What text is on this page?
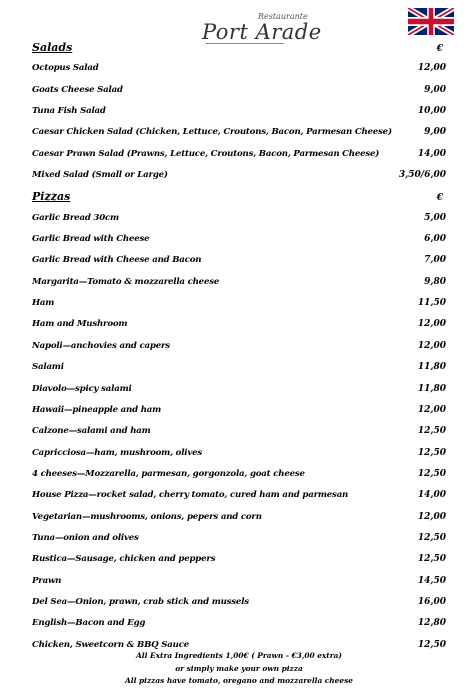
Restaurante
Port Arade
Salads	€
Octopus Salad	12,00
Goats Cheese Salad	9,00
Tuna Fish Salad	10,00
Caesar Chicken Salad (Chicken, Lettuce, Croutons, Bacon, Parmesan Cheese)	9,00
Caesar Prawn Salad (Prawns, Lettuce, Croutons, Bacon, Parmesan Cheese)	14,00
Mixed Salad (Small or Large)	3,50/6,00
Pizzas	€
Garlic Bread 30cm	5,00
Garlic Bread with Cheese	6,00
Garlic Bread with Cheese and Bacon	7,00
Margarita—Tomato & mozzarella cheese	9,80
Ham	11,50
Ham and Mushroom	12,00
Napoli—anchovies and capers	12,00
Salami	11,80
Diavolo—spicy salami	11,80
Hawaii—pineapple and ham	12,00
Calzone—salami and ham	12,50
Capricciosa—ham, mushroom, olives	12,50
4 cheeses—Mozzarella, parmesan, gorgonzola, goat cheese	12,50
House Pizza—rocket salad, cherry tomato, cured ham and parmesan	14,00
Vegetarian—mushrooms, onions, pepers and corn	12,00
Tuna—onion and olives	12,50
Rustica—Sausage, chicken and peppers	12,50
Prawn	14,50
Del Sea—Onion, prawn, crab stick and mussels	16,00
English—Bacon and Egg	12,80
Chicken, Sweetcorn & BBQ Sauce	12,50
All Extra Ingredients 1,00€ ( Prawn - €3,00 extra)
or simply make your own pizza
All pizzas have tomato, oregano and mozzarella cheese
